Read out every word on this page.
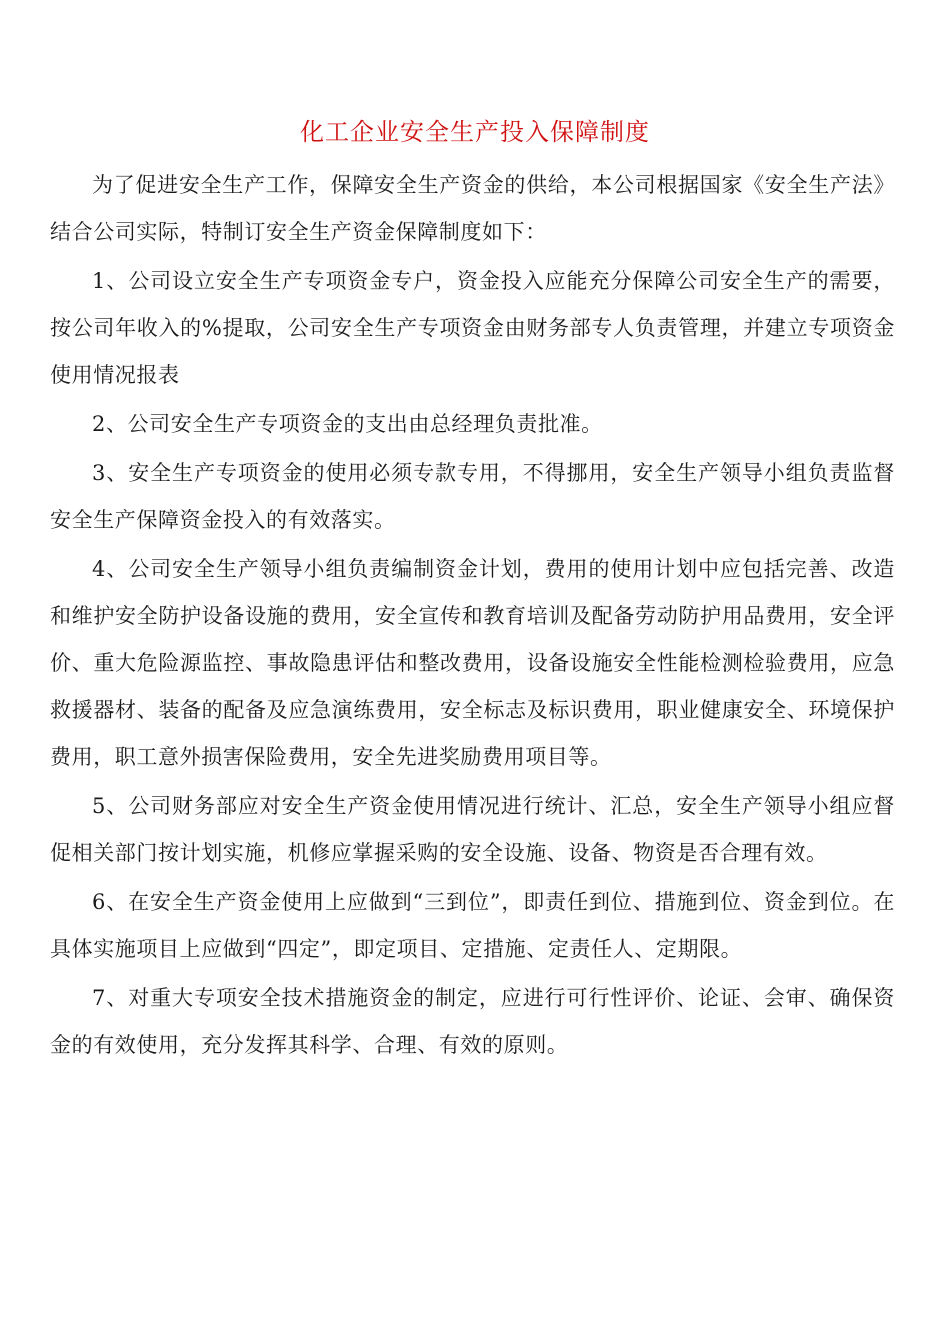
化工企业安全生产投入保障制度

为了促进安全生产工作，保障安全生产资金的供给，本公司根据国家《安全生产法》结合公司实际，特制订安全生产资金保障制度如下：

1、公司设立安全生产专项资金专户，资金投入应能充分保障公司安全生产的需要，按公司年收入的%提取，公司安全生产专项资金由财务部专人负责管理，并建立专项资金使用情况报表

2、公司安全生产专项资金的支出由总经理负责批准。

3、安全生产专项资金的使用必须专款专用，不得挪用，安全生产领导小组负责监督安全生产保障资金投入的有效落实。

4、公司安全生产领导小组负责编制资金计划，费用的使用计划中应包括完善、改造和维护安全防护设备设施的费用，安全宣传和教育培训及配备劳动防护用品费用，安全评价、重大危险源监控、事故隐患评估和整改费用，设备设施安全性能检测检验费用，应急救援器材、装备的配备及应急演练费用，安全标志及标识费用，职业健康安全、环境保护费用，职工意外损害保险费用，安全先进奖励费用项目等。

5、公司财务部应对安全生产资金使用情况进行统计、汇总，安全生产领导小组应督促相关部门按计划实施，机修应掌握采购的安全设施、设备、物资是否合理有效。

6、在安全生产资金使用上应做到“三到位”，即责任到位、措施到位、资金到位。在具体实施项目上应做到“四定”，即定项目、定措施、定责任人、定期限。

7、对重大专项安全技术措施资金的制定，应进行可行性评价、论证、会审、确保资金的有效使用，充分发挥其科学、合理、有效的原则。
